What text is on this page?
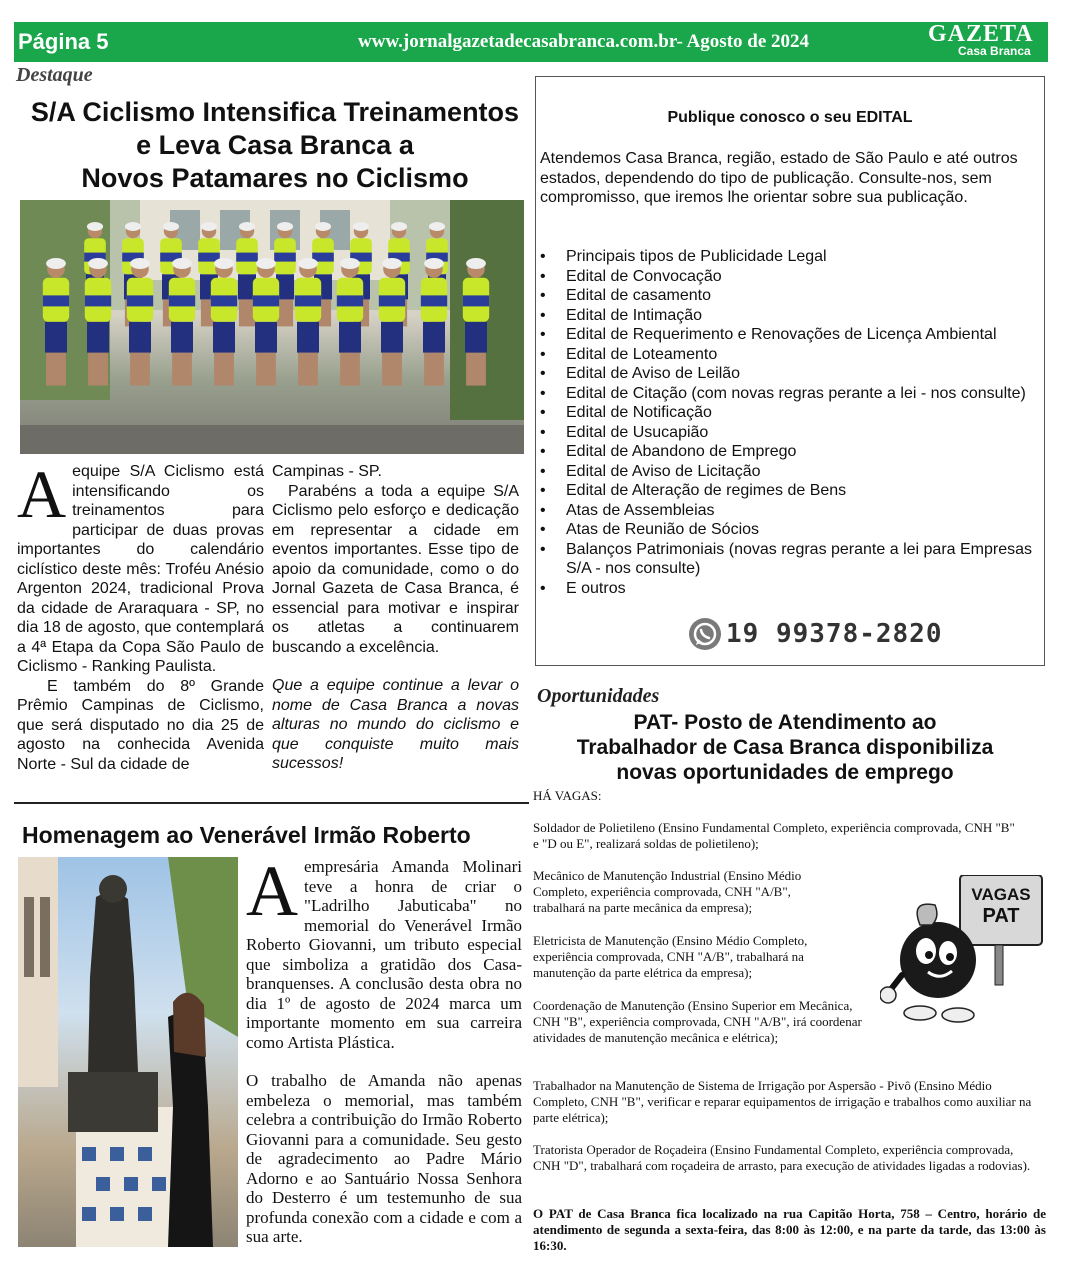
Página 5	www.jornalgazetadecasabranca.com.br- Agosto de 2024	GAZETA
Casa Branca
Destaque
S/A Ciclismo Intensifica Treinamentos
e Leva Casa Branca a
Novos Patamares no Ciclismo
A equipe S/A Ciclismo está intensificando os treinamentos para participar de duas provas importantes do calendário ciclístico deste mês: Troféu Anésio Argenton 2024, tradicional Prova da cidade de Araraquara - SP, no dia 18 de agosto, que contemplará a 4ª Etapa da Copa São Paulo de Ciclismo - Ranking Paulista.
E também do 8º Grande Prêmio Campinas de Ciclismo, que será disputado no dia 25 de agosto na conhecida Avenida Norte - Sul da cidade de
Campinas - SP.
Parabéns a toda a equipe S/A Ciclismo pelo esforço e dedicação em representar a cidade em eventos importantes. Esse tipo de apoio da comunidade, como o do Jornal Gazeta de Casa Branca, é essencial para motivar e inspirar os atletas a continuarem buscando a excelência.
Que a equipe continue a levar o nome de Casa Branca a novas alturas no mundo do ciclismo e que conquiste muito mais sucessos!
Publique conosco o seu EDITAL
Atendemos Casa Branca, região, estado de São Paulo e até outros estados, dependendo do tipo de publicação. Consulte-nos, sem compromisso, que iremos lhe orientar sobre sua publicação.
• Principais tipos de Publicidade Legal
• Edital de Convocação
• Edital de casamento
• Edital de Intimação
• Edital de Requerimento e Renovações de Licença Ambiental
• Edital de Loteamento
• Edital de Aviso de Leilão
• Edital de Citação (com novas regras perante a lei - nos consulte)
• Edital de Notificação
• Edital de Usucapião
• Edital de Abandono de Emprego
• Edital de Aviso de Licitação
• Edital de Alteração de regimes de Bens
• Atas de Assembleias
• Atas de Reunião de Sócios
• Balanços Patrimoniais (novas regras perante a lei para Empresas S/A - nos consulte)
• E outros
19 99378-2820
Oportunidades
PAT- Posto de Atendimento ao
Trabalhador de Casa Branca disponibiliza
novas oportunidades de emprego
HÁ VAGAS:
Soldador de Polietileno (Ensino Fundamental Completo, experiência comprovada, CNH "B" e "D ou E", realizará soldas de polietileno);
Mecânico de Manutenção Industrial (Ensino Médio Completo, experiência comprovada, CNH "A/B", trabalhará na parte mecânica da empresa);
Eletricista de Manutenção (Ensino Médio Completo, experiência comprovada, CNH "A/B", trabalhará na manutenção da parte elétrica da empresa);
Coordenação de Manutenção (Ensino Superior em Mecânica, CNH "B", experiência comprovada, CNH "A/B", irá coordenar atividades de manutenção mecânica e elétrica);
Trabalhador na Manutenção de Sistema de Irrigação por Aspersão - Pivô (Ensino Médio Completo, CNH "B", verificar e reparar equipamentos de irrigação e trabalhos como auxiliar na parte elétrica);
Tratorista Operador de Roçadeira (Ensino Fundamental Completo, experiência comprovada, CNH "D", trabalhará com roçadeira de arrasto, para execução de atividades ligadas a rodovias).
O PAT de Casa Branca fica localizado na rua Capitão Horta, 758 – Centro, horário de atendimento de segunda a sexta-feira, das 8:00 às 12:00, e na parte da tarde, das 13:00 às 16:30.
VAGAS
PAT
Homenagem ao Venerável Irmão Roberto
A empresária Amanda Molinari teve a honra de criar o "Ladrilho Jabuticaba" no memorial do Venerável Irmão Roberto Giovanni, um tributo especial que simboliza a gratidão dos Casa-branquenses. A conclusão desta obra no dia 1º de agosto de 2024 marca um importante momento em sua carreira como Artista Plástica.
O trabalho de Amanda não apenas embeleza o memorial, mas também celebra a contribuição do Irmão Roberto Giovanni para a comunidade. Seu gesto de agradecimento ao Padre Mário Adorno e ao Santuário Nossa Senhora do Desterro é um testemunho de sua profunda conexão com a cidade e com a sua arte.
